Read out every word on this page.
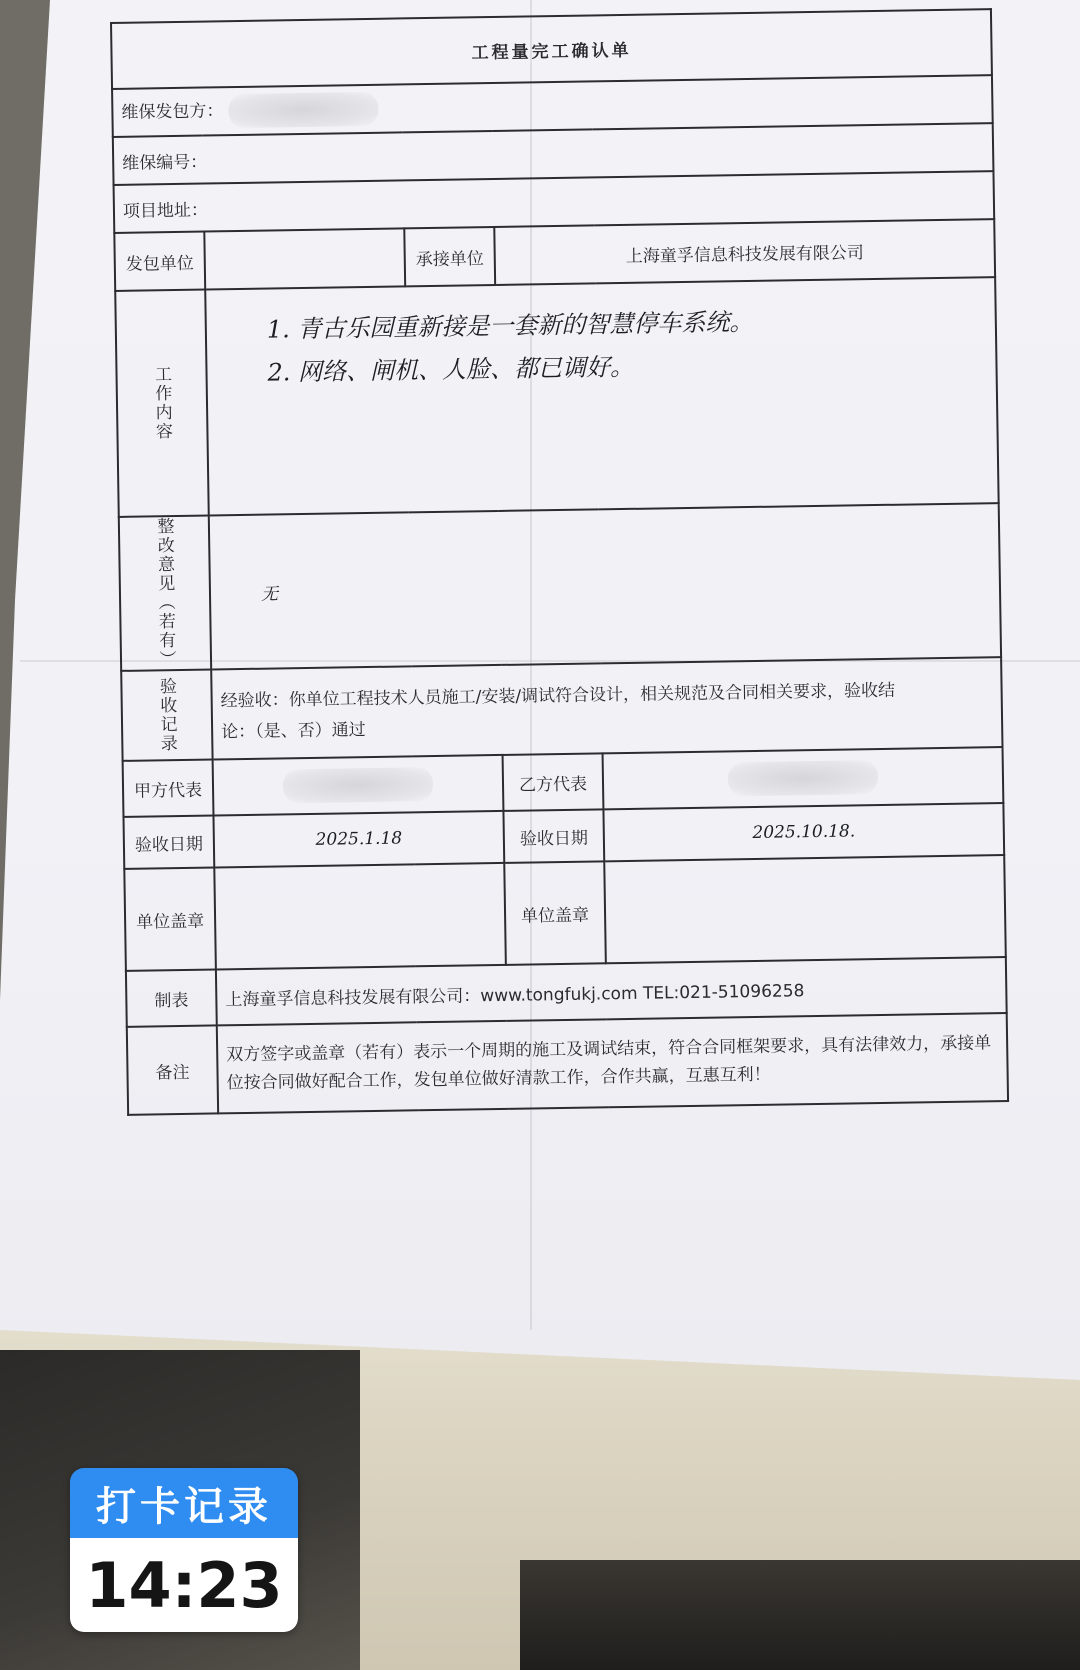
工程量完工确认单				
维保发包方：				
维保编号：				
项目地址：				
发包单位		承接单位	上海童孚信息科技发展有限公司	

工作内容	1. 青古乐园重新接是一套新的智慧停车系统。
2. 网络、闸机、人脸、都已调好。			

整改意见（若有）	无			

验收记录	经验收：你单位工程技术人员施工/安装/调试符合设计，相关规范及合同相关要求，验收结
论：（是、否）通过			

甲方代表			乙方代表	
验收日期	2025.1.18		验收日期	2025.10.18.
单位盖章			单位盖章	
制表	上海童孚信息科技发展有限公司：www.tongfukj.com TEL:021-51096258			
备注	双方签字或盖章（若有）表示一个周期的施工及调试结束，符合合同框架要求，具有法律效力，承接单位按合同做好配合工作，发包单位做好清款工作，合作共赢，互惠互利！			
打卡记录
14:23
